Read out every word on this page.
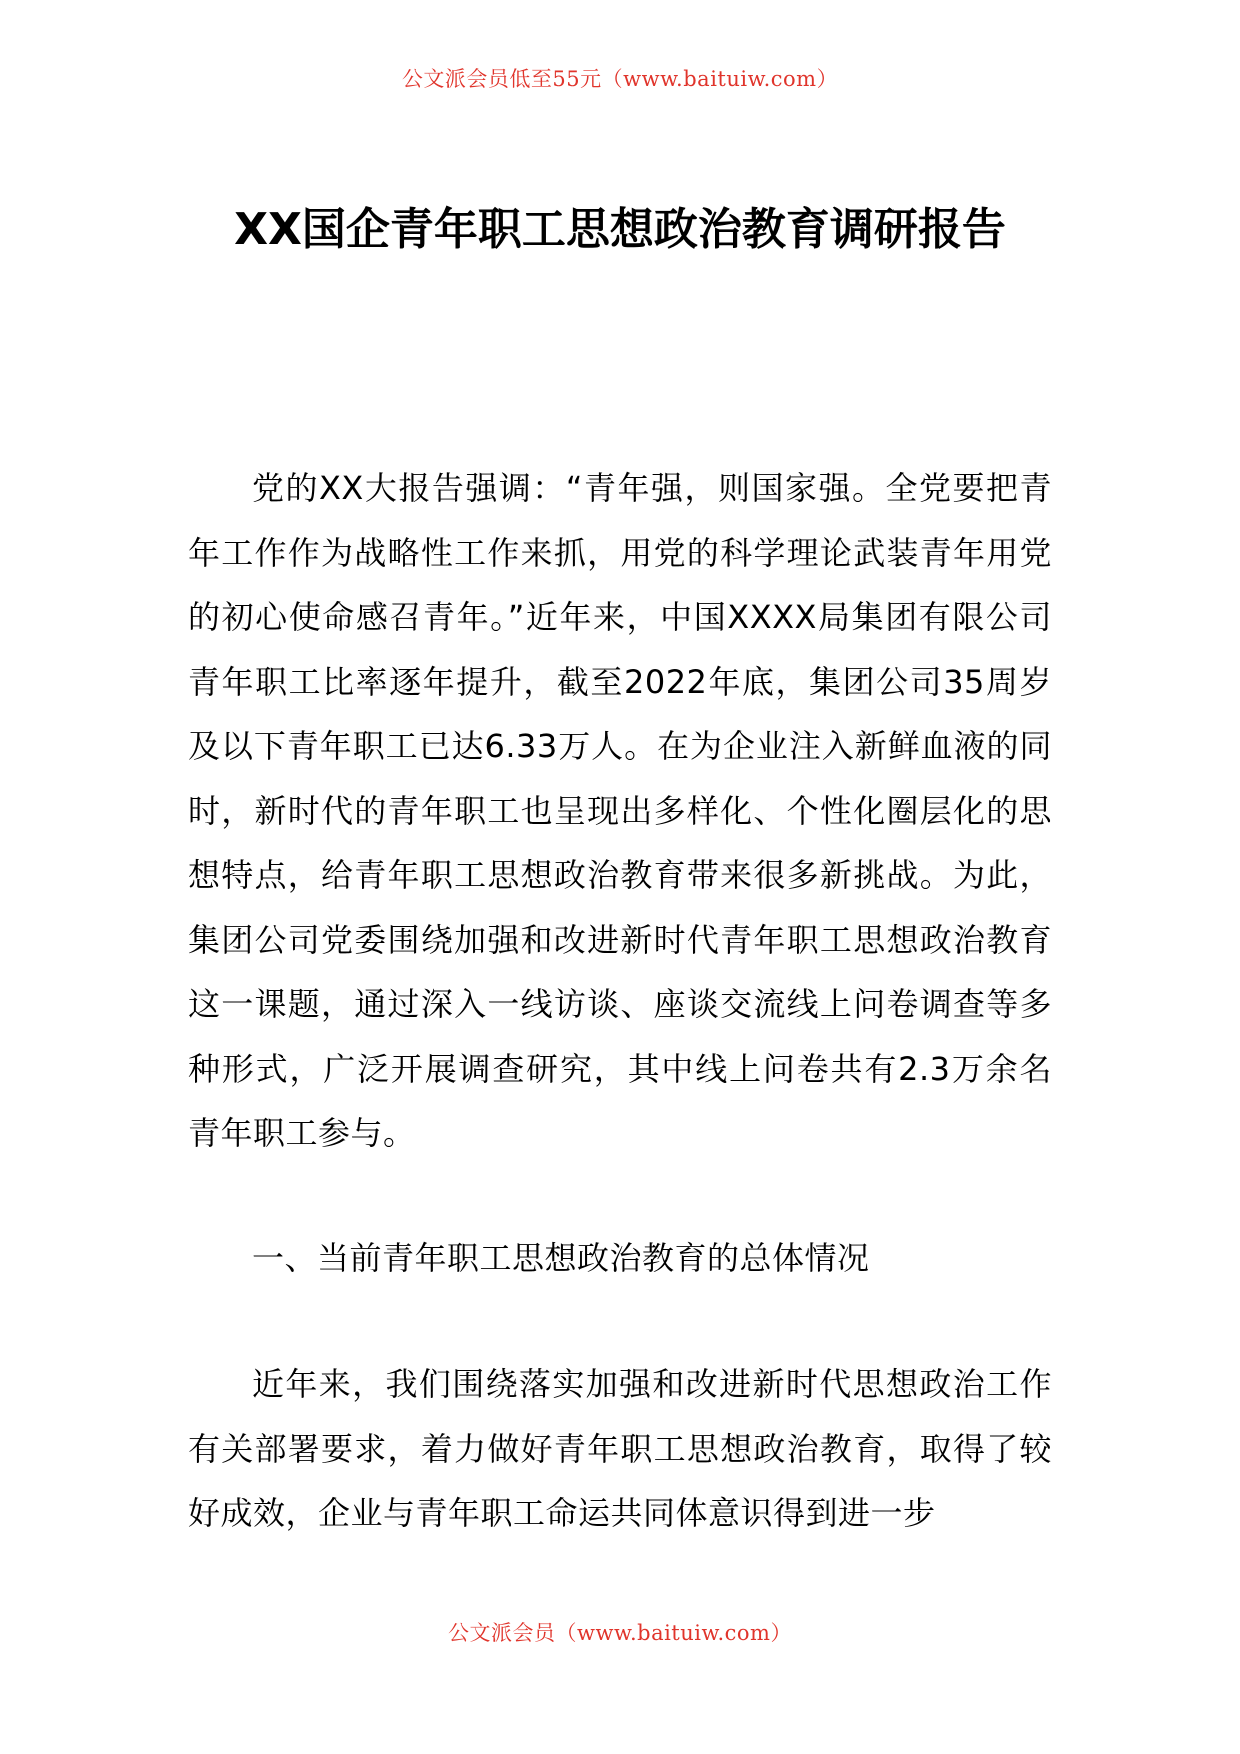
公文派会员低至55元（www.baituiw.com）
XX国企青年职工思想政治教育调研报告

党的XX大报告强调：“青年强，则国家强。全党要把青年工作作为战略性工作来抓，用党的科学理论武装青年用党的初心使命感召青年。”近年来，中国XXXX局集团有限公司青年职工比率逐年提升，截至2022年底，集团公司35周岁及以下青年职工已达6.33万人。在为企业注入新鲜血液的同时，新时代的青年职工也呈现出多样化、个性化圈层化的思想特点，给青年职工思想政治教育带来很多新挑战。为此，集团公司党委围绕加强和改进新时代青年职工思想政治教育这一课题，通过深入一线访谈、座谈交流线上问卷调查等多种形式，广泛开展调查研究，其中线上问卷共有2.3万余名青年职工参与。

一、当前青年职工思想政治教育的总体情况

近年来，我们围绕落实加强和改进新时代思想政治工作有关部署要求，着力做好青年职工思想政治教育，取得了较好成效，企业与青年职工命运共同体意识得到进一步

公文派会员（www.baituiw.com）
